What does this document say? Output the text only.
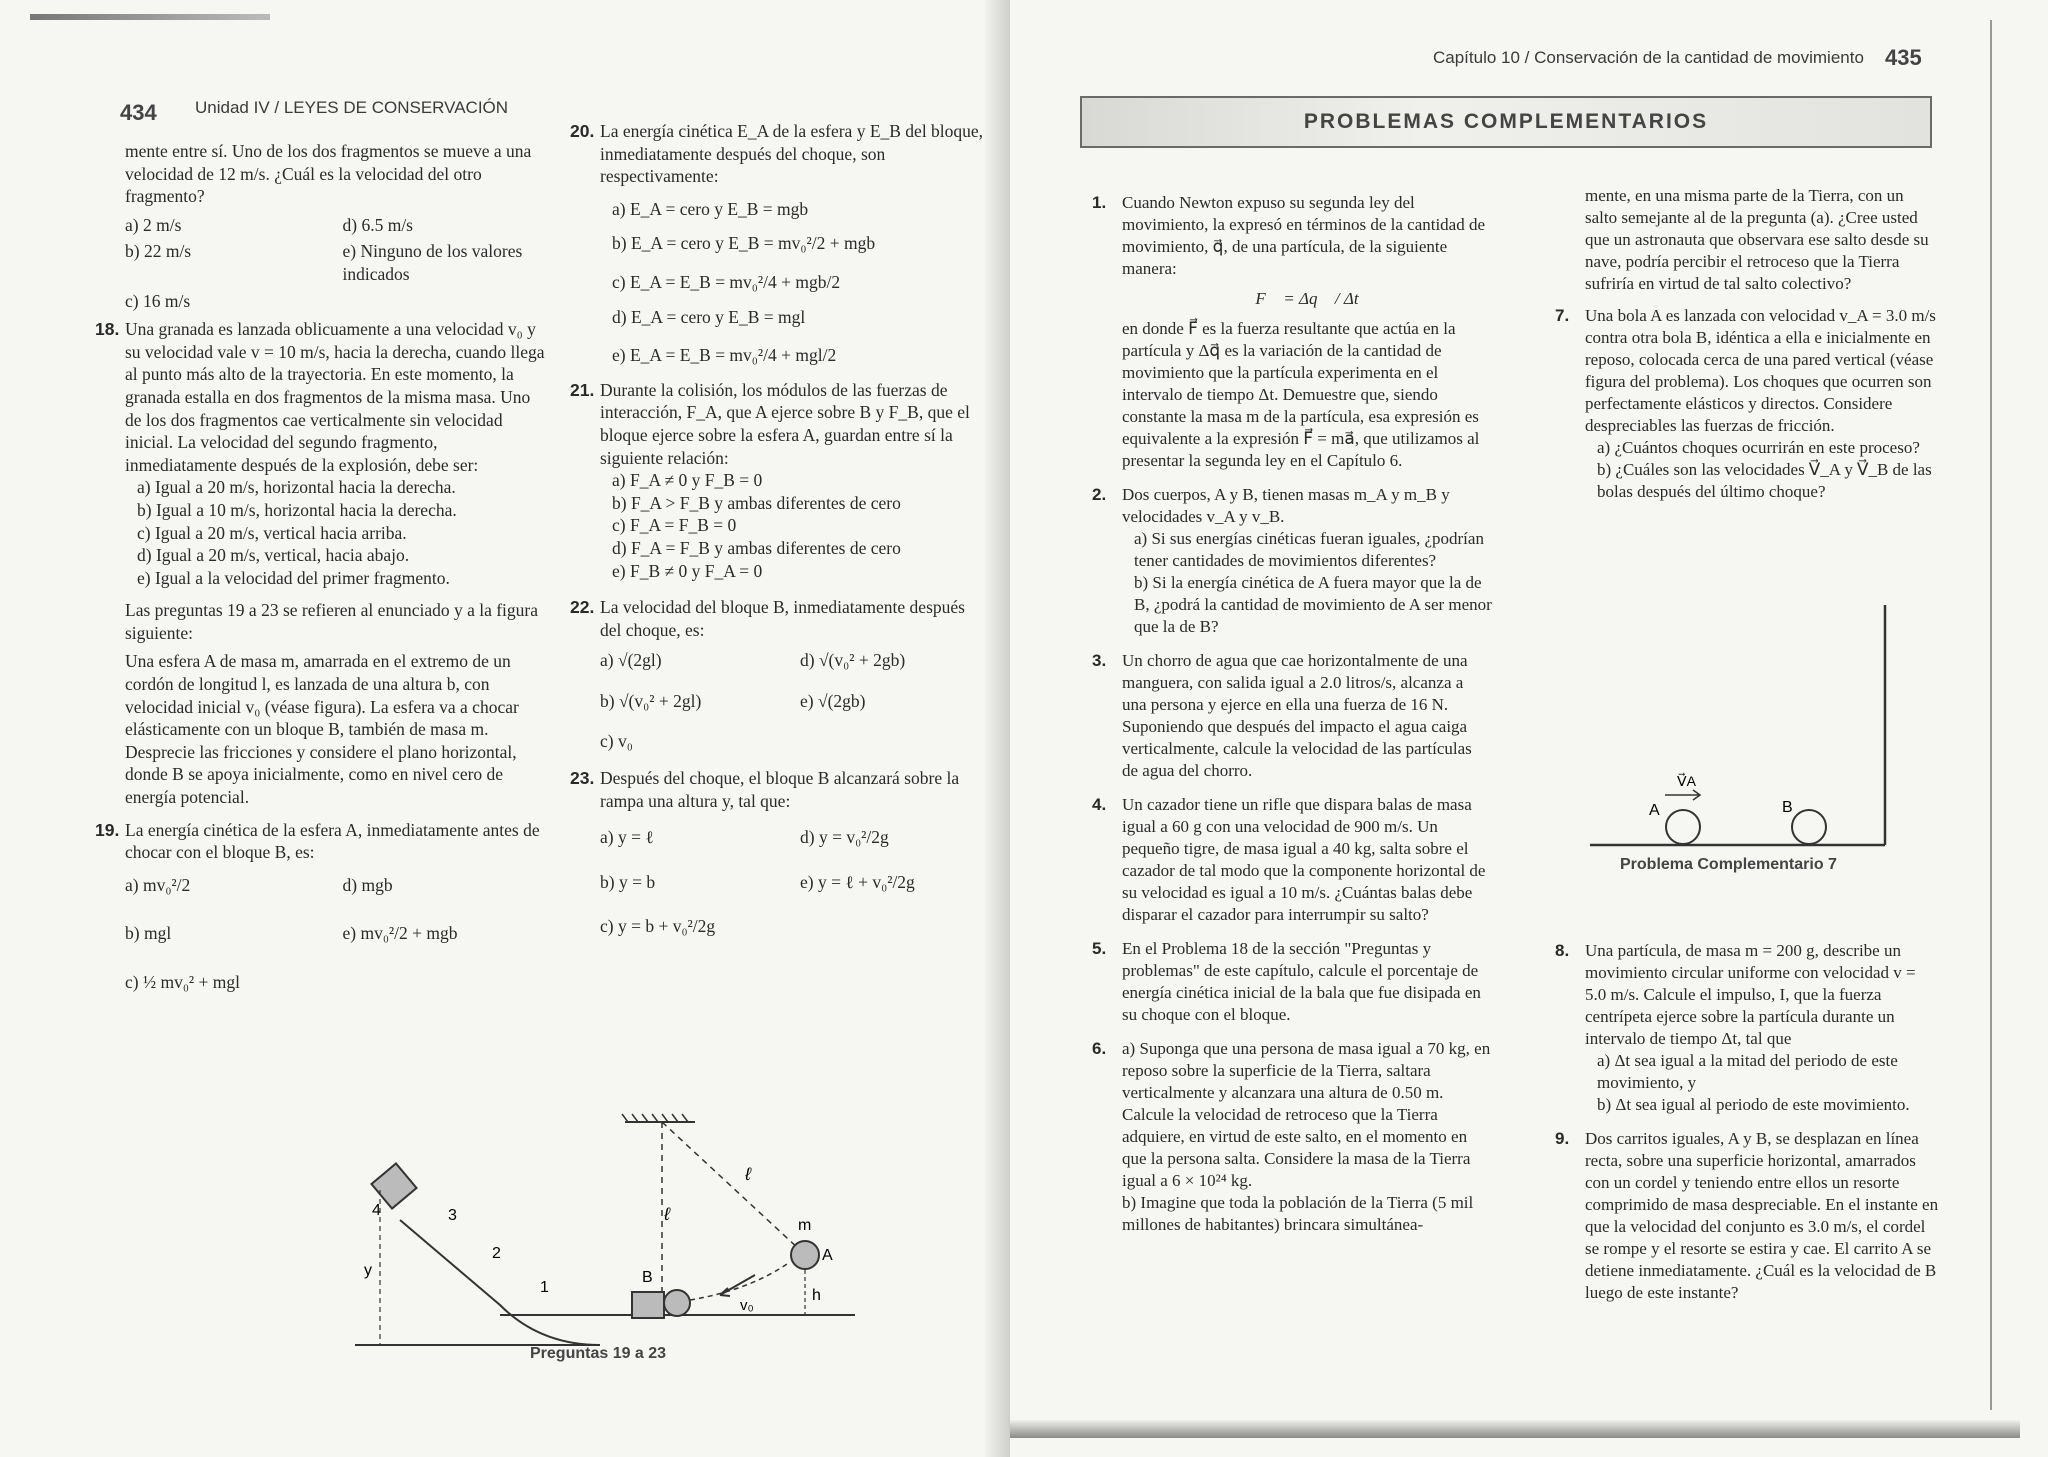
434 Unidad IV / LEYES DE CONSERVACIÓN

mente entre sí. Uno de los dos fragmentos se mueve a una velocidad de 12 m/s. ¿Cuál es la velocidad del otro fragmento?

a) 2 m/s	d) 6.5 m/s
b) 22 m/s	e) Ninguno de los valores indicados
c) 16 m/s
18. Una granada es lanzada oblicuamente a una velocidad v₀ y su velocidad vale v = 10 m/s, hacia la derecha, cuando llega al punto más alto de la trayectoria. En este momento, la granada estalla en dos fragmentos de la misma masa. Uno de los dos fragmentos cae verticalmente sin velocidad inicial. La velocidad del segundo fragmento, inmediatamente después de la explosión, debe ser:

a) Igual a 20 m/s, horizontal hacia la derecha.

b) Igual a 10 m/s, horizontal hacia la derecha.

c) Igual a 20 m/s, vertical hacia arriba.

d) Igual a 20 m/s, vertical, hacia abajo.

e) Igual a la velocidad del primer fragmento.

Las preguntas 19 a 23 se refieren al enunciado y a la figura siguiente:

Una esfera A de masa m, amarrada en el extremo de un cordón de longitud l, es lanzada de una altura b, con velocidad inicial v₀ (véase figura). La esfera va a chocar elásticamente con un bloque B, también de masa m. Desprecie las fricciones y considere el plano horizontal, donde B se apoya inicialmente, como en nivel cero de energía potencial.

19. La energía cinética de la esfera A, inmediatamente antes de chocar con el bloque B, es:
a) mv₀²/2	d) mgb
b) mgl	e) mv₀²/2 + mgb
c) ½ mv₀² + mgl
20. La energía cinética E_A de la esfera y E_B del bloque, inmediatamente después del choque, son respectivamente:

a) E_A = cero y E_B = mgb

b) E_A = cero y E_B = mv₀²/2 + mgb

c) E_A = E_B = mv₀²/4 + mgb/2

d) E_A = cero y E_B = mgl

e) E_A = E_B = mv₀²/4 + mgl/2

21. Durante la colisión, los módulos de las fuerzas de interacción, F_A, que A ejerce sobre B y F_B, que el bloque ejerce sobre la esfera A, guardan entre sí la siguiente relación:

a) F_A ≠ 0 y F_B = 0

b) F_A > F_B y ambas diferentes de cero

c) F_A = F_B = 0

d) F_A = F_B y ambas diferentes de cero

e) F_B ≠ 0 y F_A = 0

22. La velocidad del bloque B, inmediatamente después del choque, es:
a) √(2gl)	d) √(v₀² + 2gb)
b) √(v₀² + 2gl)	e) √(2gb)
c) v₀
23. Después del choque, el bloque B alcanzará sobre la rampa una altura y, tal que:
a) y = ℓ	d) y = v₀²/2g
b) y = b	e) y = ℓ + v₀²/2g
c) y = b + v₀²/2g
4	3
2
1
y
ℓ
ℓ
m
A
B
v₀
h
Preguntas 19 a 23
Capítulo 10 / Conservación de la cantidad de movimiento 435
PROBLEMAS COMPLEMENTARIOS
1. Cuando Newton expuso su segunda ley del movimiento, la expresó en términos de la cantidad de movimiento, q⃗, de una partícula, de la siguiente manera:
F⃗ = Δq⃗ / Δt
en donde F⃗ es la fuerza resultante que actúa en la partícula y Δq⃗ es la variación de la cantidad de movimiento que la partícula experimenta en el intervalo de tiempo Δt. Demuestre que, siendo constante la masa m de la partícula, esa expresión es equivalente a la expresión F⃗ = ma⃗, que utilizamos al presentar la segunda ley en el Capítulo 6.
2. Dos cuerpos, A y B, tienen masas m_A y m_B y velocidades v_A y v_B.

a) Si sus energías cinéticas fueran iguales, ¿podrían tener cantidades de movimientos diferentes?

b) Si la energía cinética de A fuera mayor que la de B, ¿podrá la cantidad de movimiento de A ser menor que la de B?

3. Un chorro de agua que cae horizontalmente de una manguera, con salida igual a 2.0 litros/s, alcanza a una persona y ejerce en ella una fuerza de 16 N. Suponiendo que después del impacto el agua caiga verticalmente, calcule la velocidad de las partículas de agua del chorro.
4. Un cazador tiene un rifle que dispara balas de masa igual a 60 g con una velocidad de 900 m/s. Un pequeño tigre, de masa igual a 40 kg, salta sobre el cazador de tal modo que la componente horizontal de su velocidad es igual a 10 m/s. ¿Cuántas balas debe disparar el cazador para interrumpir su salto?
5. En el Problema 18 de la sección "Preguntas y problemas" de este capítulo, calcule el porcentaje de energía cinética inicial de la bala que fue disipada en su choque con el bloque.
6. a) Suponga que una persona de masa igual a 70 kg, en reposo sobre la superficie de la Tierra, saltara verticalmente y alcanzara una altura de 0.50 m. Calcule la velocidad de retroceso que la Tierra adquiere, en virtud de este salto, en el momento en que la persona salta. Considere la masa de la Tierra igual a 6 × 10²⁴ kg.

b) Imagine que toda la población de la Tierra (5 mil millones de habitantes) brincara simultánea-

mente, en una misma parte de la Tierra, con un salto semejante al de la pregunta (a). ¿Cree usted que un astronauta que observara ese salto desde su nave, podría percibir el retroceso que la Tierra sufriría en virtud de tal salto colectivo?

7. Una bola A es lanzada con velocidad v_A = 3.0 m/s contra otra bola B, idéntica a ella e inicialmente en reposo, colocada cerca de una pared vertical (véase figura del problema). Los choques que ocurren son perfectamente elásticos y directos. Considere despreciables las fuerzas de fricción.

a) ¿Cuántos choques ocurrirán en este proceso?

b) ¿Cuáles son las velocidades V⃗_A y V⃗_B de las bolas después del último choque?

V⃗A
A	B
Problema Complementario 7
8. Una partícula, de masa m = 200 g, describe un movimiento circular uniforme con velocidad v = 5.0 m/s. Calcule el impulso, I, que la fuerza centrípeta ejerce sobre la partícula durante un intervalo de tiempo Δt, tal que

a) Δt sea igual a la mitad del periodo de este movimiento, y

b) Δt sea igual al periodo de este movimiento.

9. Dos carritos iguales, A y B, se desplazan en línea recta, sobre una superficie horizontal, amarrados con un cordel y teniendo entre ellos un resorte comprimido de masa despreciable. En el instante en que la velocidad del conjunto es 3.0 m/s, el cordel se rompe y el resorte se estira y cae. El carrito A se detiene inmediatamente. ¿Cuál es la velocidad de B luego de este instante?
